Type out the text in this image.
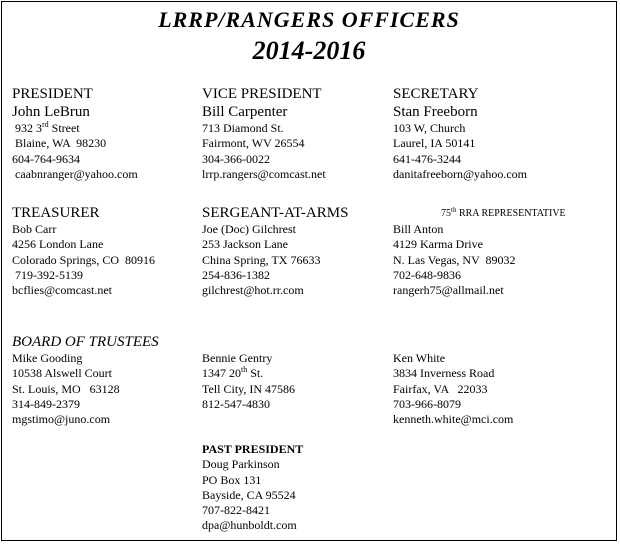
LRRP/RANGERS OFFICERS
2014-2016
PRESIDENT
John LeBrun
932 3rd Street
Blaine, WA  98230
604-764-9634
caabnranger@yahoo.com
VICE PRESIDENT
Bill Carpenter
713 Diamond St.
Fairmont, WV 26554
304-366-0022
lrrp.rangers@comcast.net
SECRETARY
Stan Freeborn
103 W, Church
Laurel, IA 50141
641-476-3244
danitafreeborn@yahoo.com
TREASURER
Bob Carr
4256 London Lane
Colorado Springs, CO  80916
719-392-5139
bcflies@comcast.net
SERGEANT-AT-ARMS
Joe (Doc) Gilchrest
253 Jackson Lane
China Spring, TX 76633
254-836-1382
gilchrest@hot.rr.com
75th RRA REPRESENTATIVE
Bill Anton
4129 Karma Drive
N. Las Vegas, NV  89032
702-648-9836
rangerh75@allmail.net
BOARD OF TRUSTEES
Mike Gooding
10538 Alswell Court
St. Louis, MO   63128
314-849-2379
mgstimo@juno.com
Bennie Gentry
1347 20th St.
Tell City, IN 47586
812-547-4830
Ken White
3834 Inverness Road
Fairfax, VA   22033
703-966-8079
kenneth.white@mci.com
PAST PRESIDENT
Doug Parkinson
PO Box 131
Bayside, CA 95524
707-822-8421
dpa@hunboldt.com
